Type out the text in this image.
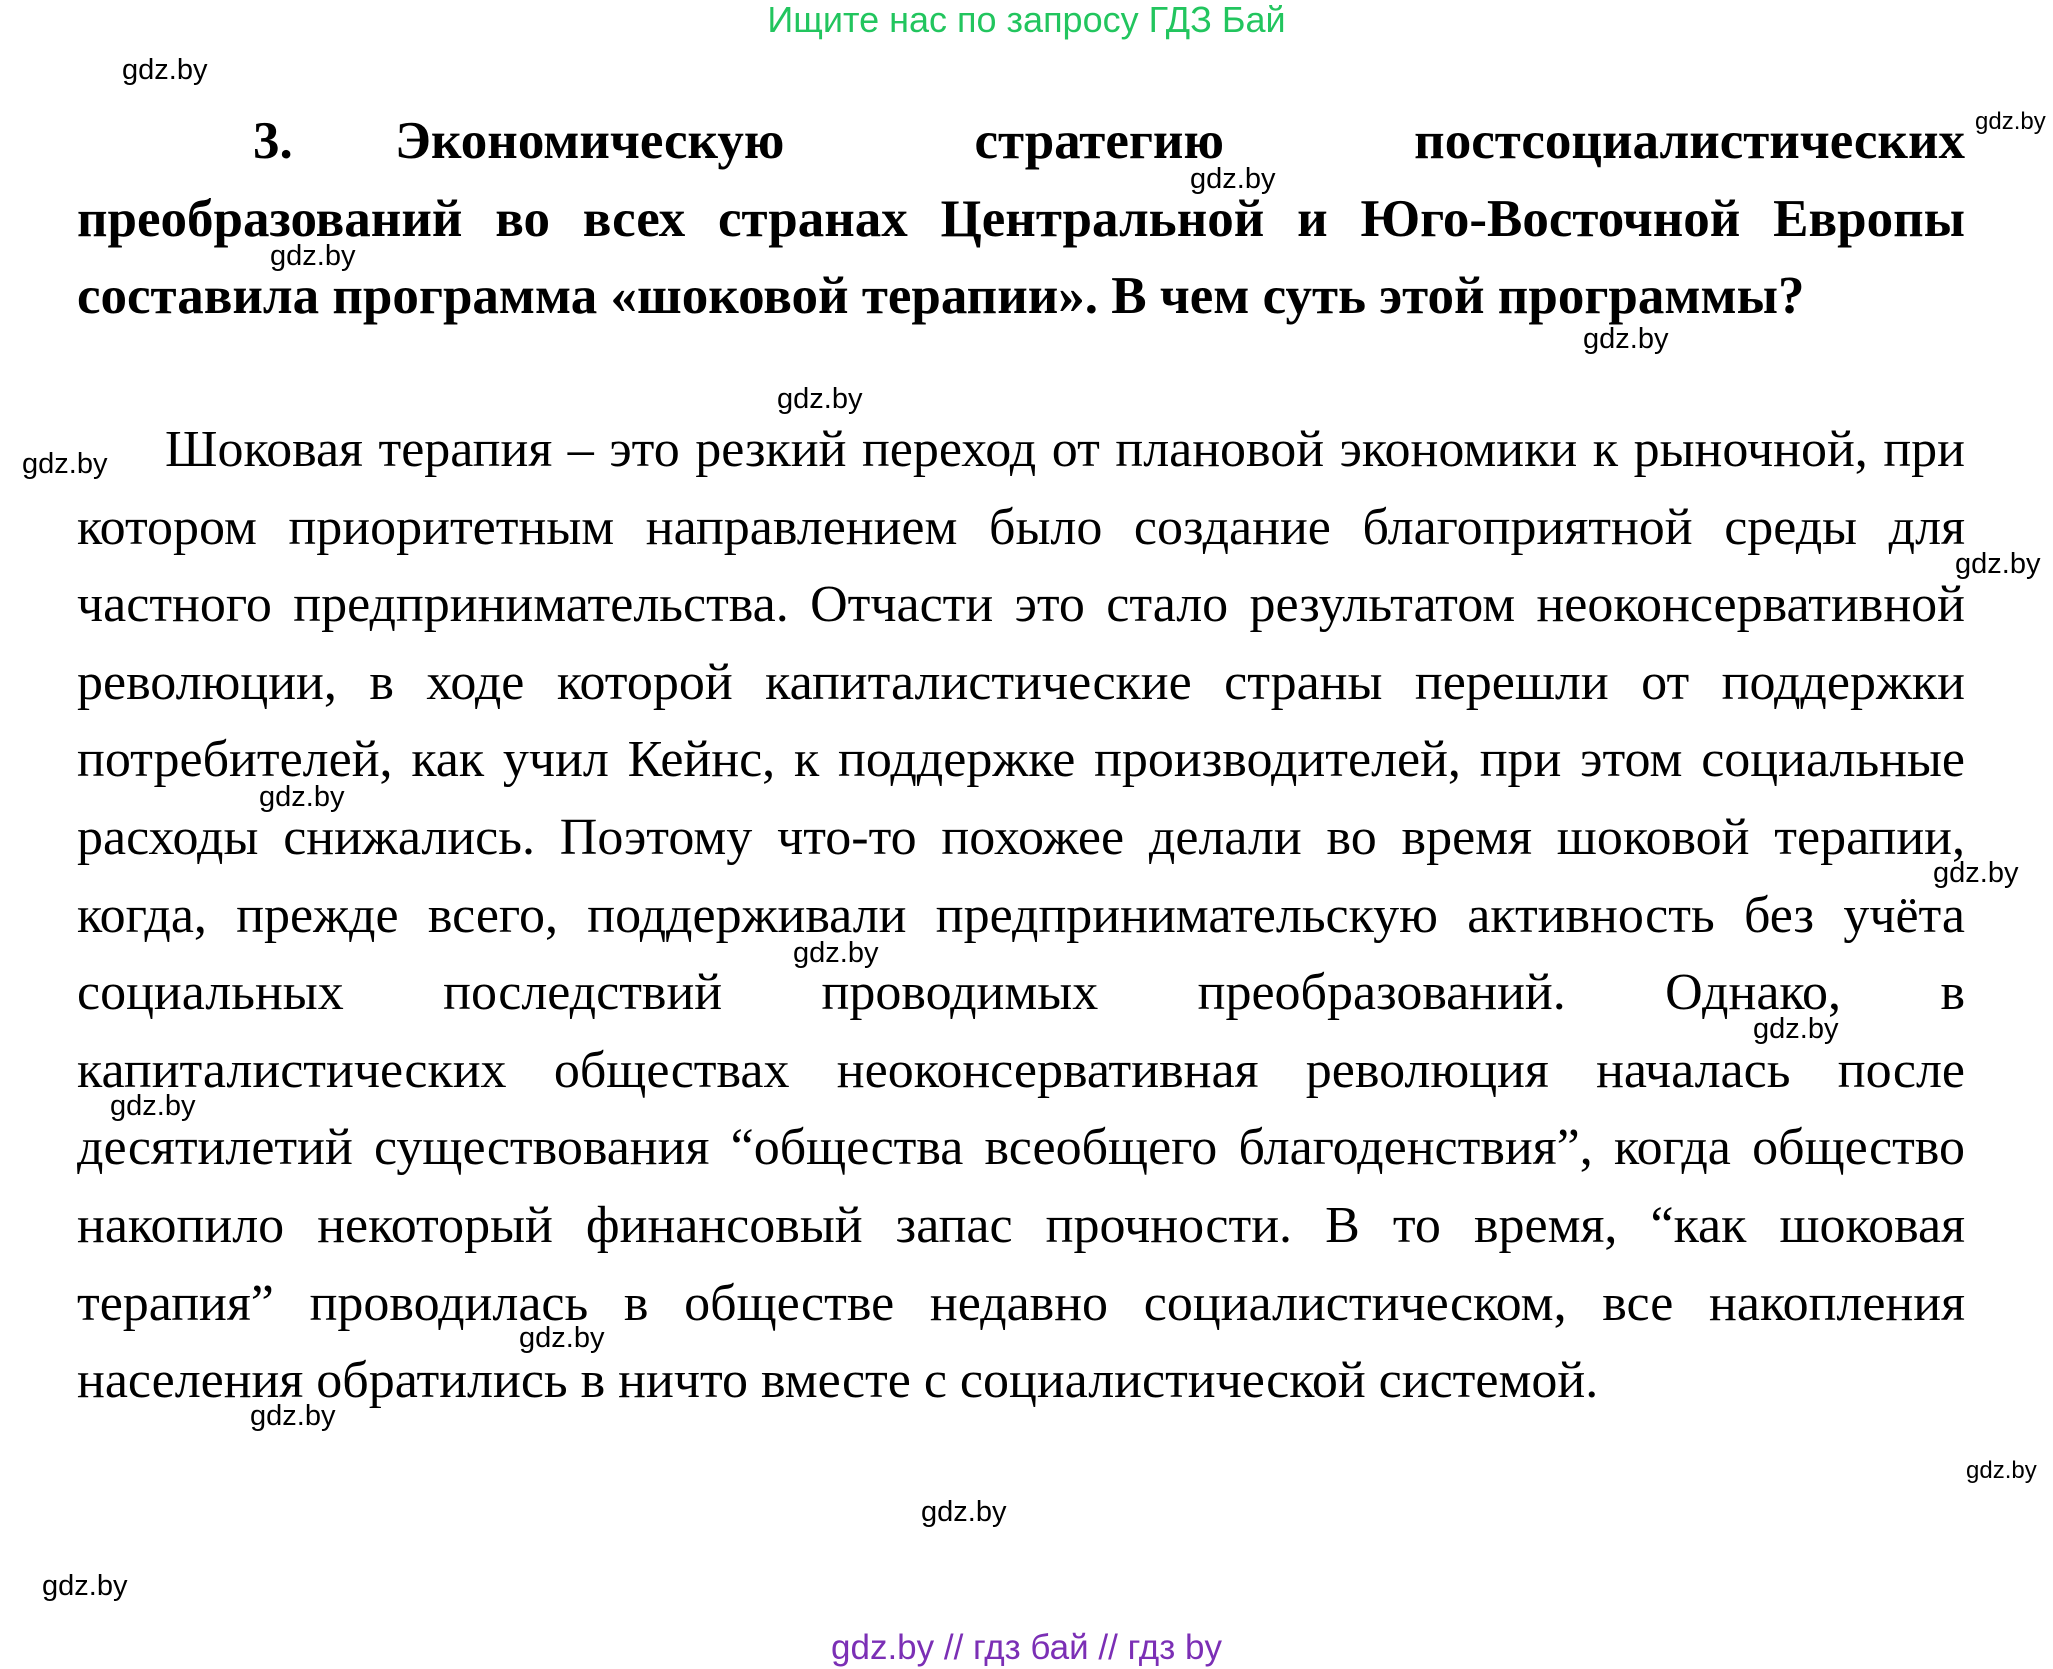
Ищите нас по запросу ГДЗ Бай

3. Экономическую стратегию постсоциалистических преобразований во всех странах Центральной и Юго-Восточной Европы составила программа «шоковой терапии». В чем суть этой программы?

Шоковая терапия – это резкий переход от плановой экономики к рыночной, при котором приоритетным направлением было создание благоприятной среды для частного предпринимательства. Отчасти это стало результатом неоконсервативной революции, в ходе которой капиталистические страны перешли от поддержки потребителей, как учил Кейнс, к поддержке производителей, при этом социальные расходы снижались. Поэтому что-то похожее делали во время шоковой терапии, когда, прежде всего, поддерживали предпринимательскую активность без учёта социальных последствий проводимых преобразований. Однако, в капиталистических обществах неоконсервативная революция началась после десятилетий существования “общества всеобщего благоденствия”, когда общество накопило некоторый финансовый запас прочности. В то время, “как шоковая терапия” проводилась в обществе недавно социалистическом, все накопления населения обратились в ничто вместе с социалистической системой.

gdz.by
gdz.by
gdz.by
gdz.by
gdz.by
gdz.by
gdz.by
gdz.by
gdz.by
gdz.by
gdz.by
gdz.by
gdz.by
gdz.by
gdz.by
gdz.by
gdz.by
gdz.by
gdz.by // гдз бай // гдз by
